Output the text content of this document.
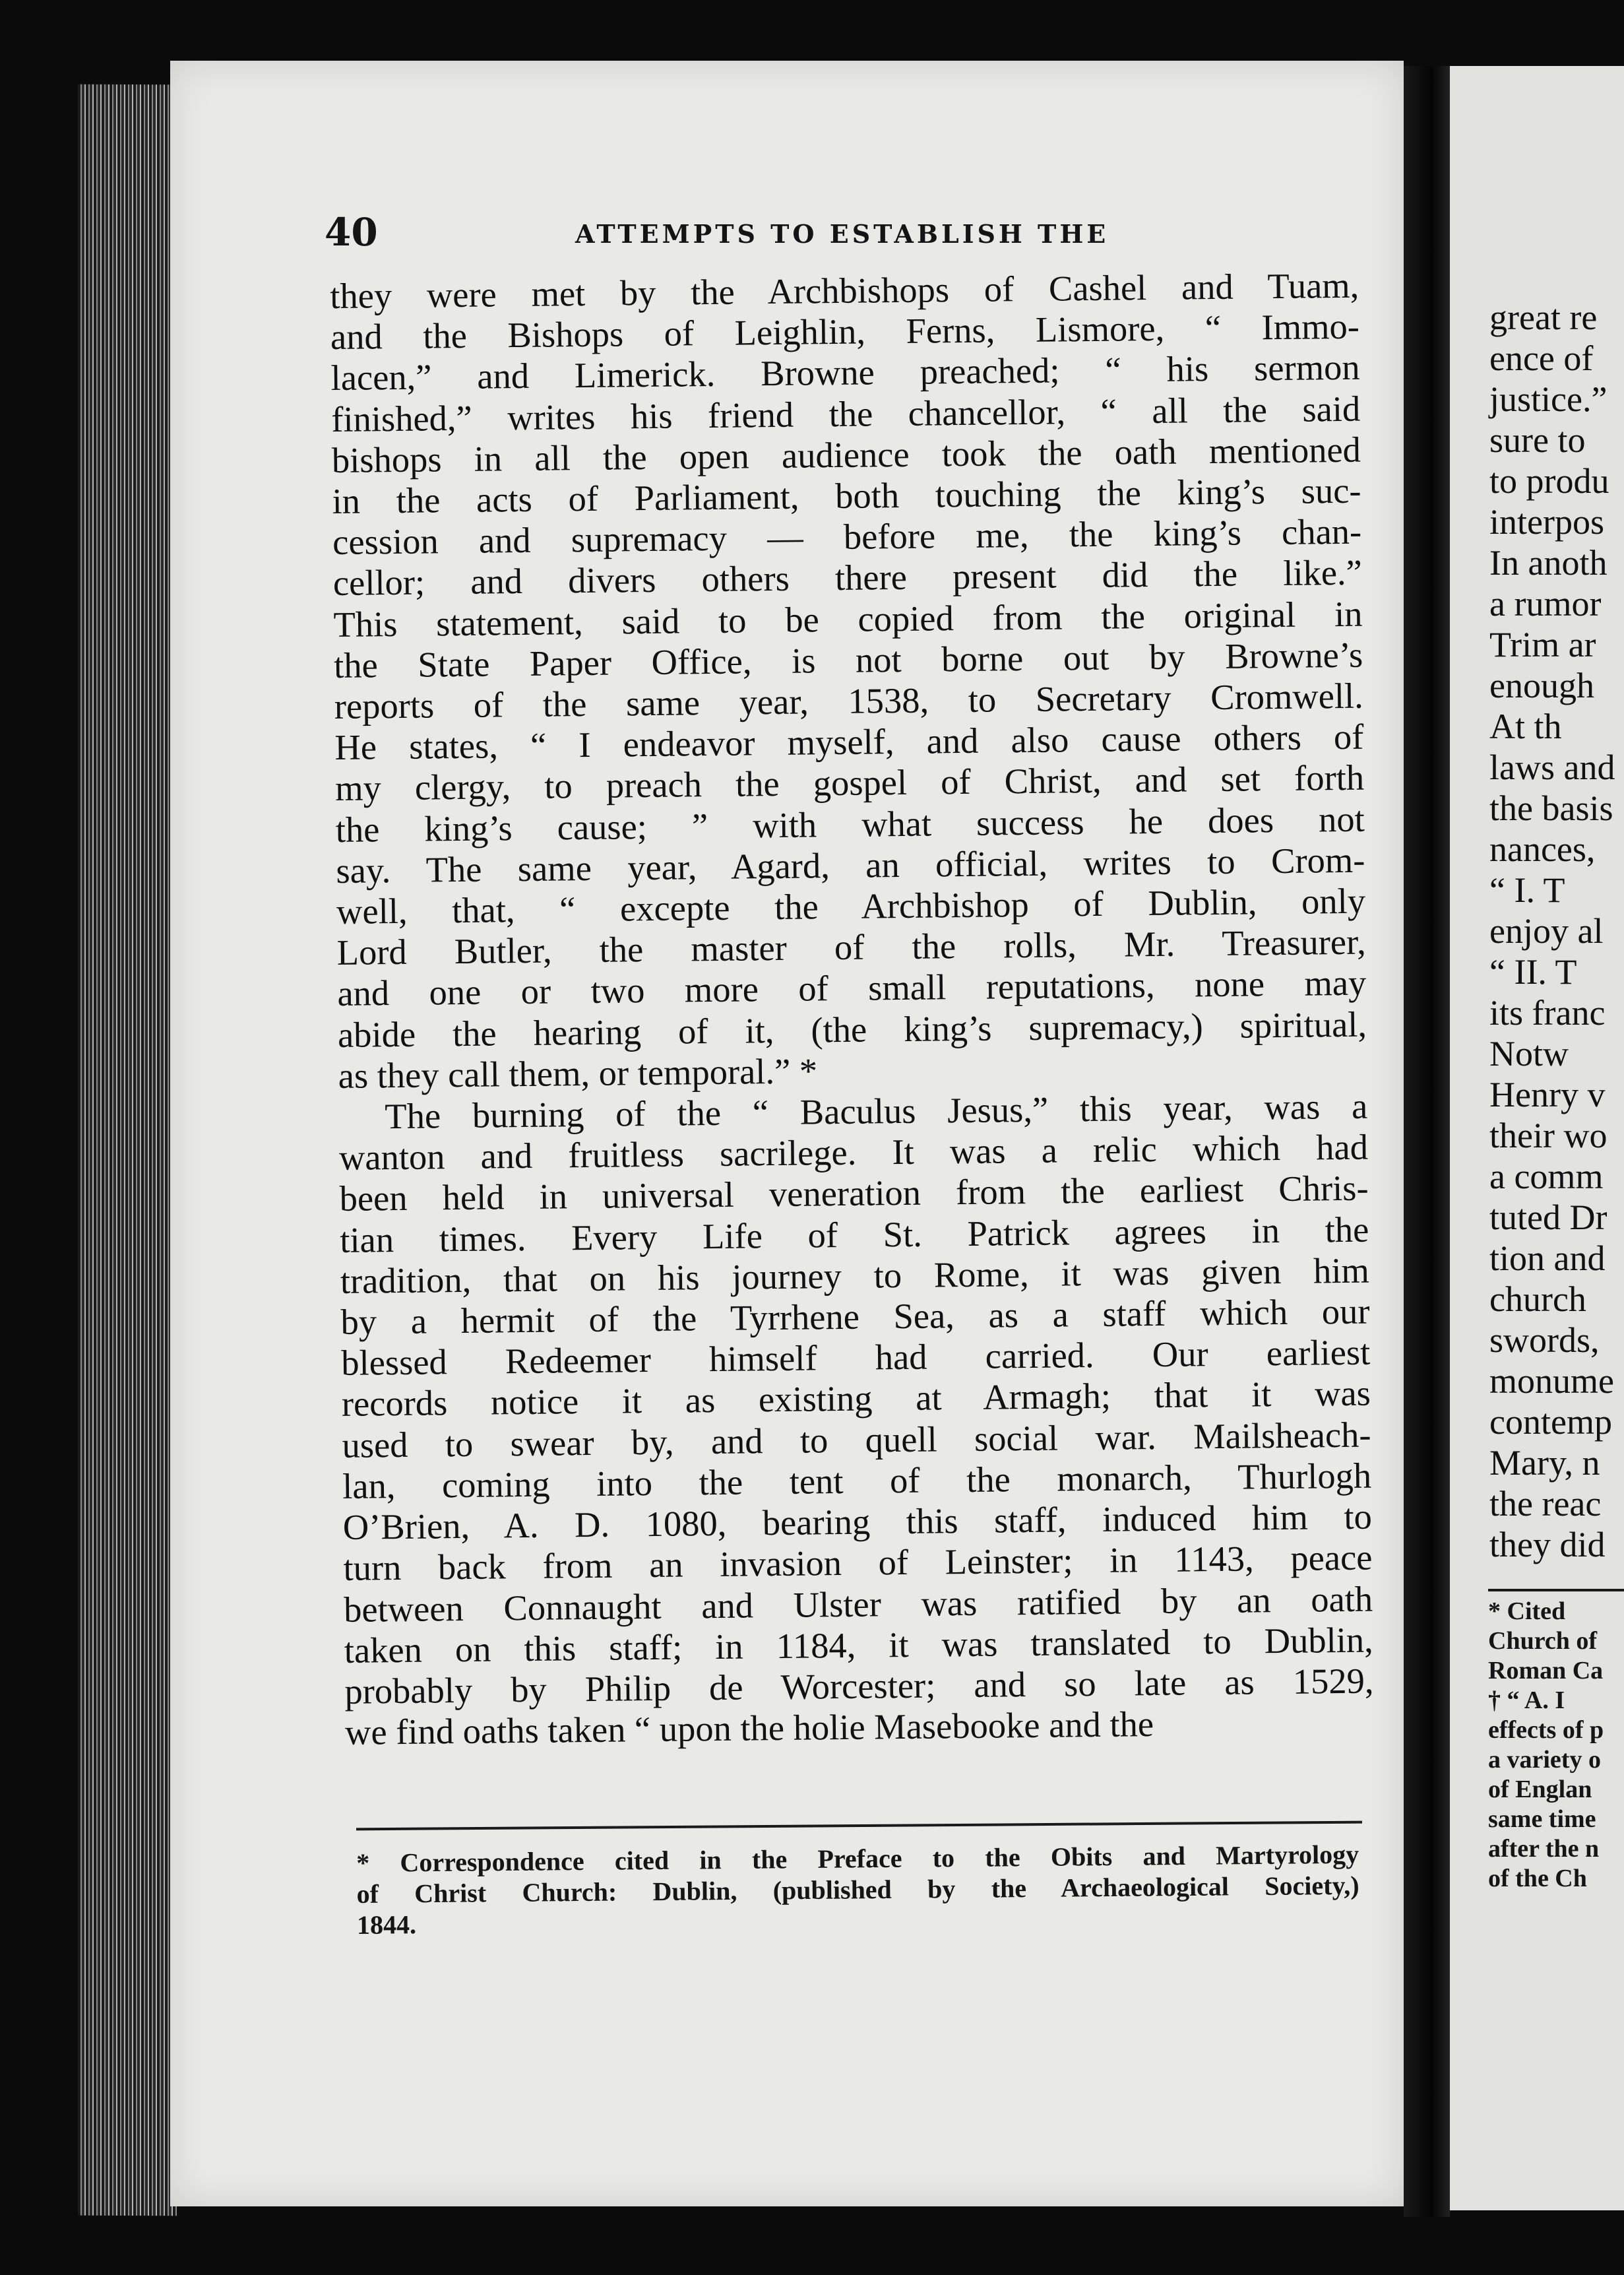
great re
ence of
justice.”
sure to
to produ
interpos
In anoth
a rumor
Trim ar
enough
At th
laws and
the basis
nances,
“ I. T
enjoy al
“ II. T
its franc
Notw
Henry v
their wo
a comm
tuted Dr
tion and
church
swords,
monume
contemp
Mary, n
the reac
they did
* Cited
Church of
Roman Ca
† “ A. I
effects of p
a variety o
of Englan
same time
after the n
of the Ch
40	ATTEMPTS TO ESTABLISH THE
they were met by the Archbishops of Cashel and Tuam,
and the Bishops of Leighlin, Ferns, Lismore, “ Immo-
lacen,” and Limerick. Browne preached; “ his sermon
finished,” writes his friend the chancellor, “ all the said
bishops in all the open audience took the oath mentioned
in the acts of Parliament, both touching the king’s suc-
cession and supremacy — before me, the king’s chan-
cellor; and divers others there present did the like.”
This statement, said to be copied from the original in
the State Paper Office, is not borne out by Browne’s
reports of the same year, 1538, to Secretary Cromwell.
He states, “ I endeavor myself, and also cause others of
my clergy, to preach the gospel of Christ, and set forth
the king’s cause; ” with what success he does not
say. The same year, Agard, an official, writes to Crom-
well, that, “ excepte the Archbishop of Dublin, only
Lord Butler, the master of the rolls, Mr. Treasurer,
and one or two more of small reputations, none may
abide the hearing of it, (the king’s supremacy,) spiritual,
as they call them, or temporal.” *
The burning of the “ Baculus Jesus,” this year, was a
wanton and fruitless sacrilege. It was a relic which had
been held in universal veneration from the earliest Chris-
tian times. Every Life of St. Patrick agrees in the
tradition, that on his journey to Rome, it was given him
by a hermit of the Tyrrhene Sea, as a staff which our
blessed Redeemer himself had carried. Our earliest
records notice it as existing at Armagh; that it was
used to swear by, and to quell social war. Mailsheach-
lan, coming into the tent of the monarch, Thurlogh
O’Brien, A. D. 1080, bearing this staff, induced him to
turn back from an invasion of Leinster; in 1143, peace
between Connaught and Ulster was ratified by an oath
taken on this staff; in 1184, it was translated to Dublin,
probably by Philip de Worcester; and so late as 1529,
we find oaths taken “ upon the holie Masebooke and the
* Correspondence cited in the Preface to the Obits and Martyrology
of Christ Church: Dublin, (published by the Archaeological Society,)
1844.
